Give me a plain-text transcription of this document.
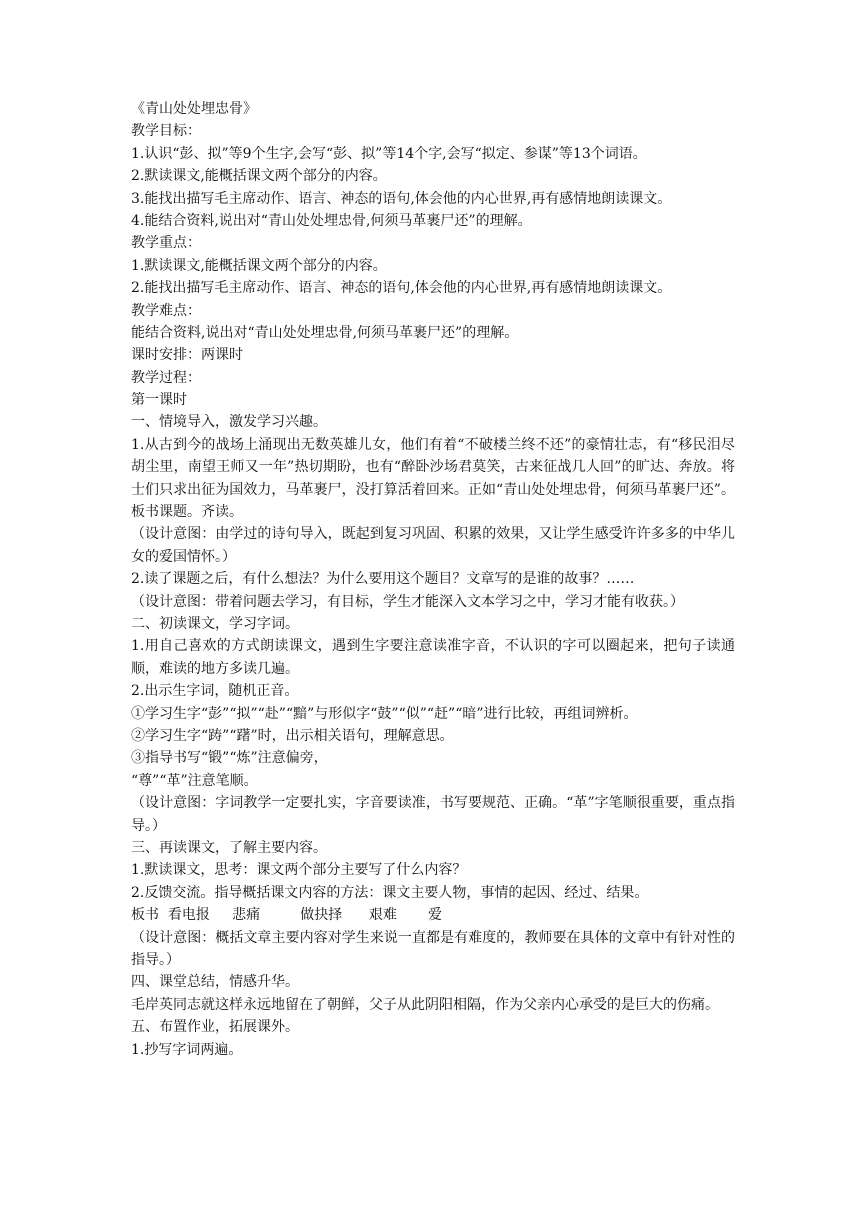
《青山处处埋忠骨》
教学目标：
1.认识“彭、拟”等9个生字,会写“彭、拟”等14个字,会写“拟定、参谋”等13个词语。
2.默读课文,能概括课文两个部分的内容。
3.能找出描写毛主席动作、语言、神态的语句,体会他的内心世界,再有感情地朗读课文。
4.能结合资料,说出对“青山处处埋忠骨,何须马革裹尸还”的理解。
教学重点：
1.默读课文,能概括课文两个部分的内容。
2.能找出描写毛主席动作、语言、神态的语句,体会他的内心世界,再有感情地朗读课文。
教学难点：
能结合资料,说出对“青山处处埋忠骨,何须马革裹尸还”的理解。
课时安排：两课时
教学过程：
第一课时
一、情境导入，激发学习兴趣。
1.从古到今的战场上涌现出无数英雄儿女，他们有着“不破楼兰终不还”的豪情壮志，有“移民泪尽胡尘里，南望王师又一年”热切期盼，也有“醉卧沙场君莫笑，古来征战几人回”的旷达、奔放。将士们只求出征为国效力，马革裹尸，没打算活着回来。正如“青山处处埋忠骨，何须马革裹尸还”。板书课题。齐读。
（设计意图：由学过的诗句导入，既起到复习巩固、积累的效果，又让学生感受许许多多的中华儿女的爱国情怀。）
2.读了课题之后，有什么想法？为什么要用这个题目？文章写的是谁的故事？……
（设计意图：带着问题去学习，有目标，学生才能深入文本学习之中，学习才能有收获。）
二、初读课文，学习字词。
1.用自己喜欢的方式朗读课文，遇到生字要注意读准字音，不认识的字可以圈起来，把句子读通顺，难读的地方多读几遍。
2.出示生字词，随机正音。
①学习生字“彭”“拟”“赴”“黯”与形似字“鼓”“似”“赶”“暗”进行比较，再组词辨析。
②学习生字“踌”“躇”时，出示相关语句，理解意思。
③指导书写“锻”“炼”注意偏旁，
“尊”“革”注意笔顺。
（设计意图：字词教学一定要扎实，字音要读准，书写要规范、正确。“革”字笔顺很重要，重点指导。）
三、再读课文，了解主要内容。
1.默读课文，思考：课文两个部分主要写了什么内容？
2.反馈交流。指导概括课文内容的方法：课文主要人物，事情的起因、经过、结果。
板书  看电报     悲痛         做抉择      艰难       爱
（设计意图：概括文章主要内容对学生来说一直都是有难度的，教师要在具体的文章中有针对性的指导。）
四、课堂总结，情感升华。
毛岸英同志就这样永远地留在了朝鲜，父子从此阴阳相隔，作为父亲内心承受的是巨大的伤痛。
五、布置作业，拓展课外。
1.抄写字词两遍。
